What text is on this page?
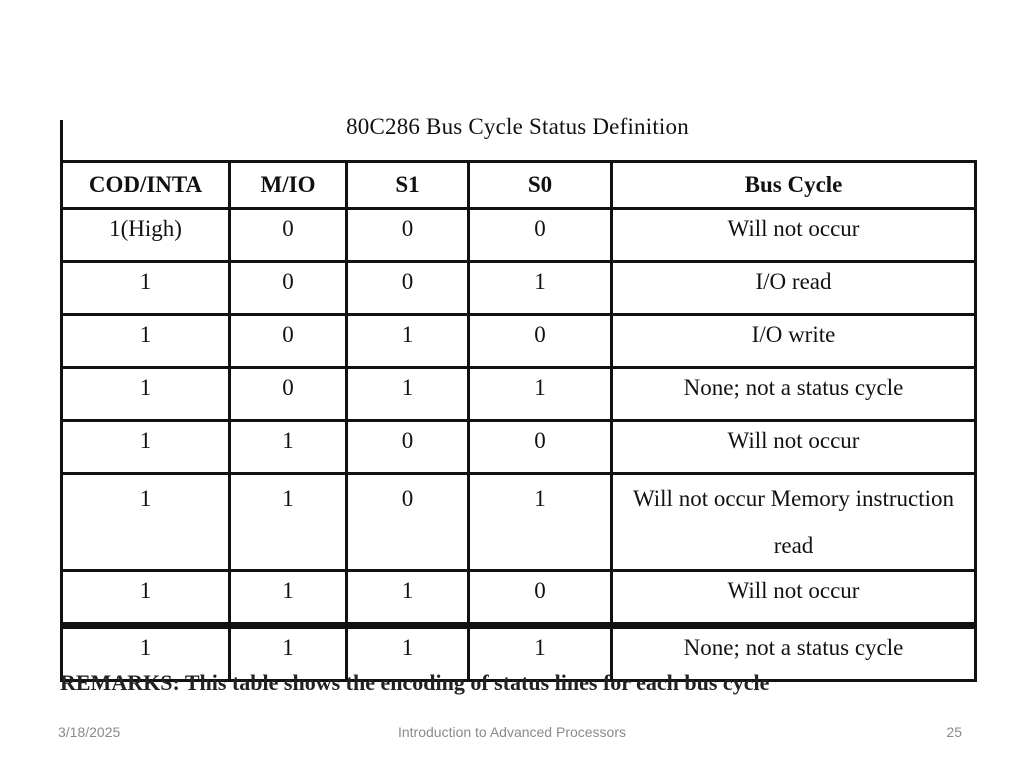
80C286 Bus Cycle Status Definition
COD/INTA	M/IO	S1	S0	Bus Cycle
1(High)	0	0	0	Will not occur
1	0	0	1	I/O read
1	0	1	0	I/O write
1	0	1	1	None; not a status cycle
1	1	0	0	Will not occur
1	1	0	1	Will not occur Memory instruction read
1	1	1	0	Will not occur
1	1	1	1	None; not a status cycle
REMARKS: This table shows the encoding of status lines for each bus cycle
3/18/2025	Introduction to Advanced Processors	25
